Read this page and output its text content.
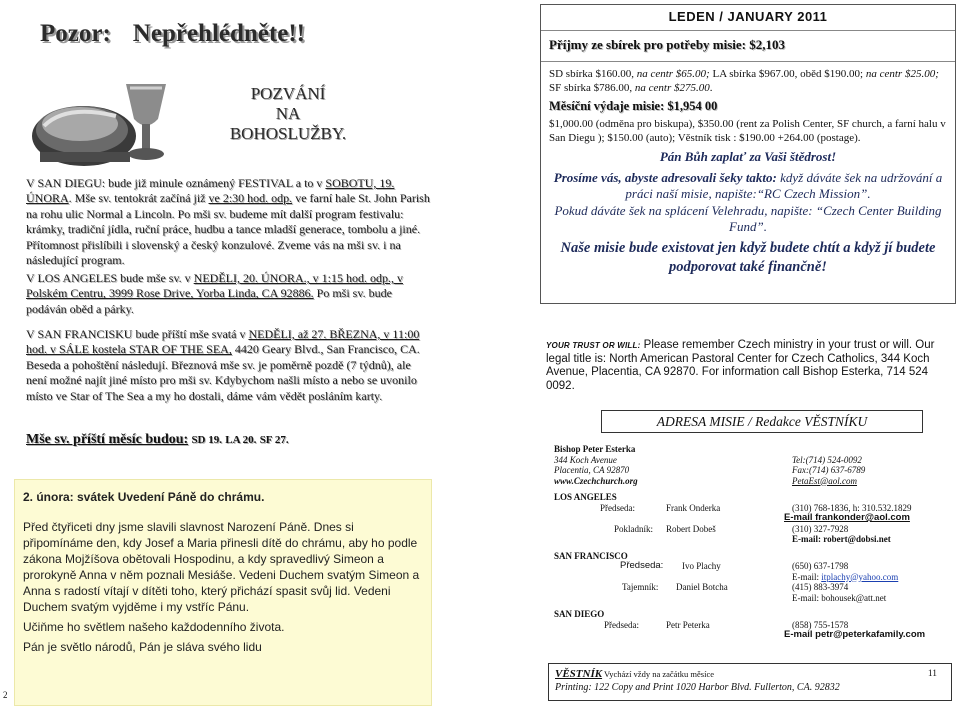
Pozor: Nepřehlédněte!!
POZVÁNÍ
NA
BOHOSLUŽBY.
V SAN DIEGU: bude již minule oznámený FESTIVAL a to v SOBOTU, 19. ÚNORA. Mše sv. tentokrát začíná již ve 2:30 hod. odp. ve farní hale St. John Parish na rohu ulic Normal a Lincoln. Po mši sv. budeme mít další program festivalu: krámky, tradiční jídla, ruční práce, hudbu a tance mladší generace, tombolu a jiné. Přítomnost přislíbili i slovenský a český konzulové. Zveme vás na mši sv. i na následující program.
V LOS ANGELES bude mše sv. v NEDĚLI, 20. ÚNORA., v 1:15 hod. odp., v Polském Centru, 3999 Rose Drive, Yorba Linda, CA 92886. Po mši sv. bude podáván oběd a párky.
V SAN FRANCISKU bude příští mše svatá v NEDĚLI, až 27. BŘEZNA, v 11:00 hod. v SÁLE kostela STAR OF THE SEA, 4420 Geary Blvd., San Francisco, CA. Beseda a pohoštění následují. Březnová mše sv. je poměrně pozdě (7 týdnů), ale není možné najít jiné místo pro mši sv. Kdybychom našli místo a nebo se uvonilo místo ve Star of The Sea a my ho dostali, dáme vám vědět posláním karty.
Mše sv. příští měsíc budou: SD 19. LA 20. SF 27.
2. února: svátek Uvedení Páně do chrámu.
Před čtyřiceti dny jsme slavili slavnost Narození Páně. Dnes si připomínáme den, kdy Josef a Maria přinesli dítě do chrámu, aby ho podle zákona Mojžíšova obětovali Hospodinu, a kdy spravedlivý Simeon a prorokyně Anna v něm poznali Mesiáše. Vedeni Duchem svatým Simeon a Anna s radostí vítají v dítěti toho, který přichází spasit svůj lid. Vedeni Duchem svatým vyjděme i my vstříc Pánu.
Učiňme ho světlem našeho každodenního života.
Pán je světlo národů, Pán je sláva svého lidu
2
LEDEN / JANUARY 2011
Příjmy ze sbírek pro potřeby misie: $2,103
SD sbírka $160.00, na centr $65.00; LA sbírka $967.00, oběd $190.00; na centr $25.00; SF sbírka $786.00, na centr $275.00.
Měsíční výdaje misie: $1,954 00
$1,000.00 (odměna pro biskupa), $350.00 (rent za Polish Center, SF church, a farní halu v San Diegu ); $150.00 (auto); Věstník tisk : $190.00 +264.00 (postage).
Pán Bůh zaplať za Vaši štědrost!
Prosíme vás, abyste adresovali šeky takto: když dáváte šek na udržování a práci naší misie, napište:“RC Czech Mission”.
Pokud dáváte šek na splácení Velehradu, napište: “Czech Center Building Fund”.
Naše misie bude existovat jen když budete chtít a když jí budete podporovat také finančně!
YOUR TRUST OR WILL: Please remember Czech ministry in your trust or will. Our legal title is: North American Pastoral Center for Czech Catholics, 344 Koch Avenue, Placentia, CA 92870. For information call Bishop Esterka, 714 524 0092.
ADRESA MISIE / Redakce VĚSTNÍKU
Bishop Peter Esterka
344 Koch Avenue	Tel:(714) 524-0092
Placentia, CA 92870	Fax:(714) 637-6789
www.Czechchurch.org	PetaEst@aol.com
LOS ANGELES
Předseda:	Frank Onderka	(310) 768-1836, h: 310.532.1829
E-mail frankonder@aol.com
Pokladník: Robert Dobeš	(310) 327-7928
E-mail: robert@dobsi.net
SAN FRANCISCO
Předseda: Ivo Plachy	(650) 637-1798
E-mail: itplachy@yahoo.com
Tajemník: Daniel Botcha	(415) 883-3974
E-mail: bohousek@att.net
SAN DIEGO
Předseda:	Petr Peterka	(858) 755-1578
E-mail petr@peterkafamily.com
VĚSTNÍK Vychází vždy na začátku měsíce
Printing: 122 Copy and Print 1020 Harbor Blvd. Fullerton, CA. 92832
11
